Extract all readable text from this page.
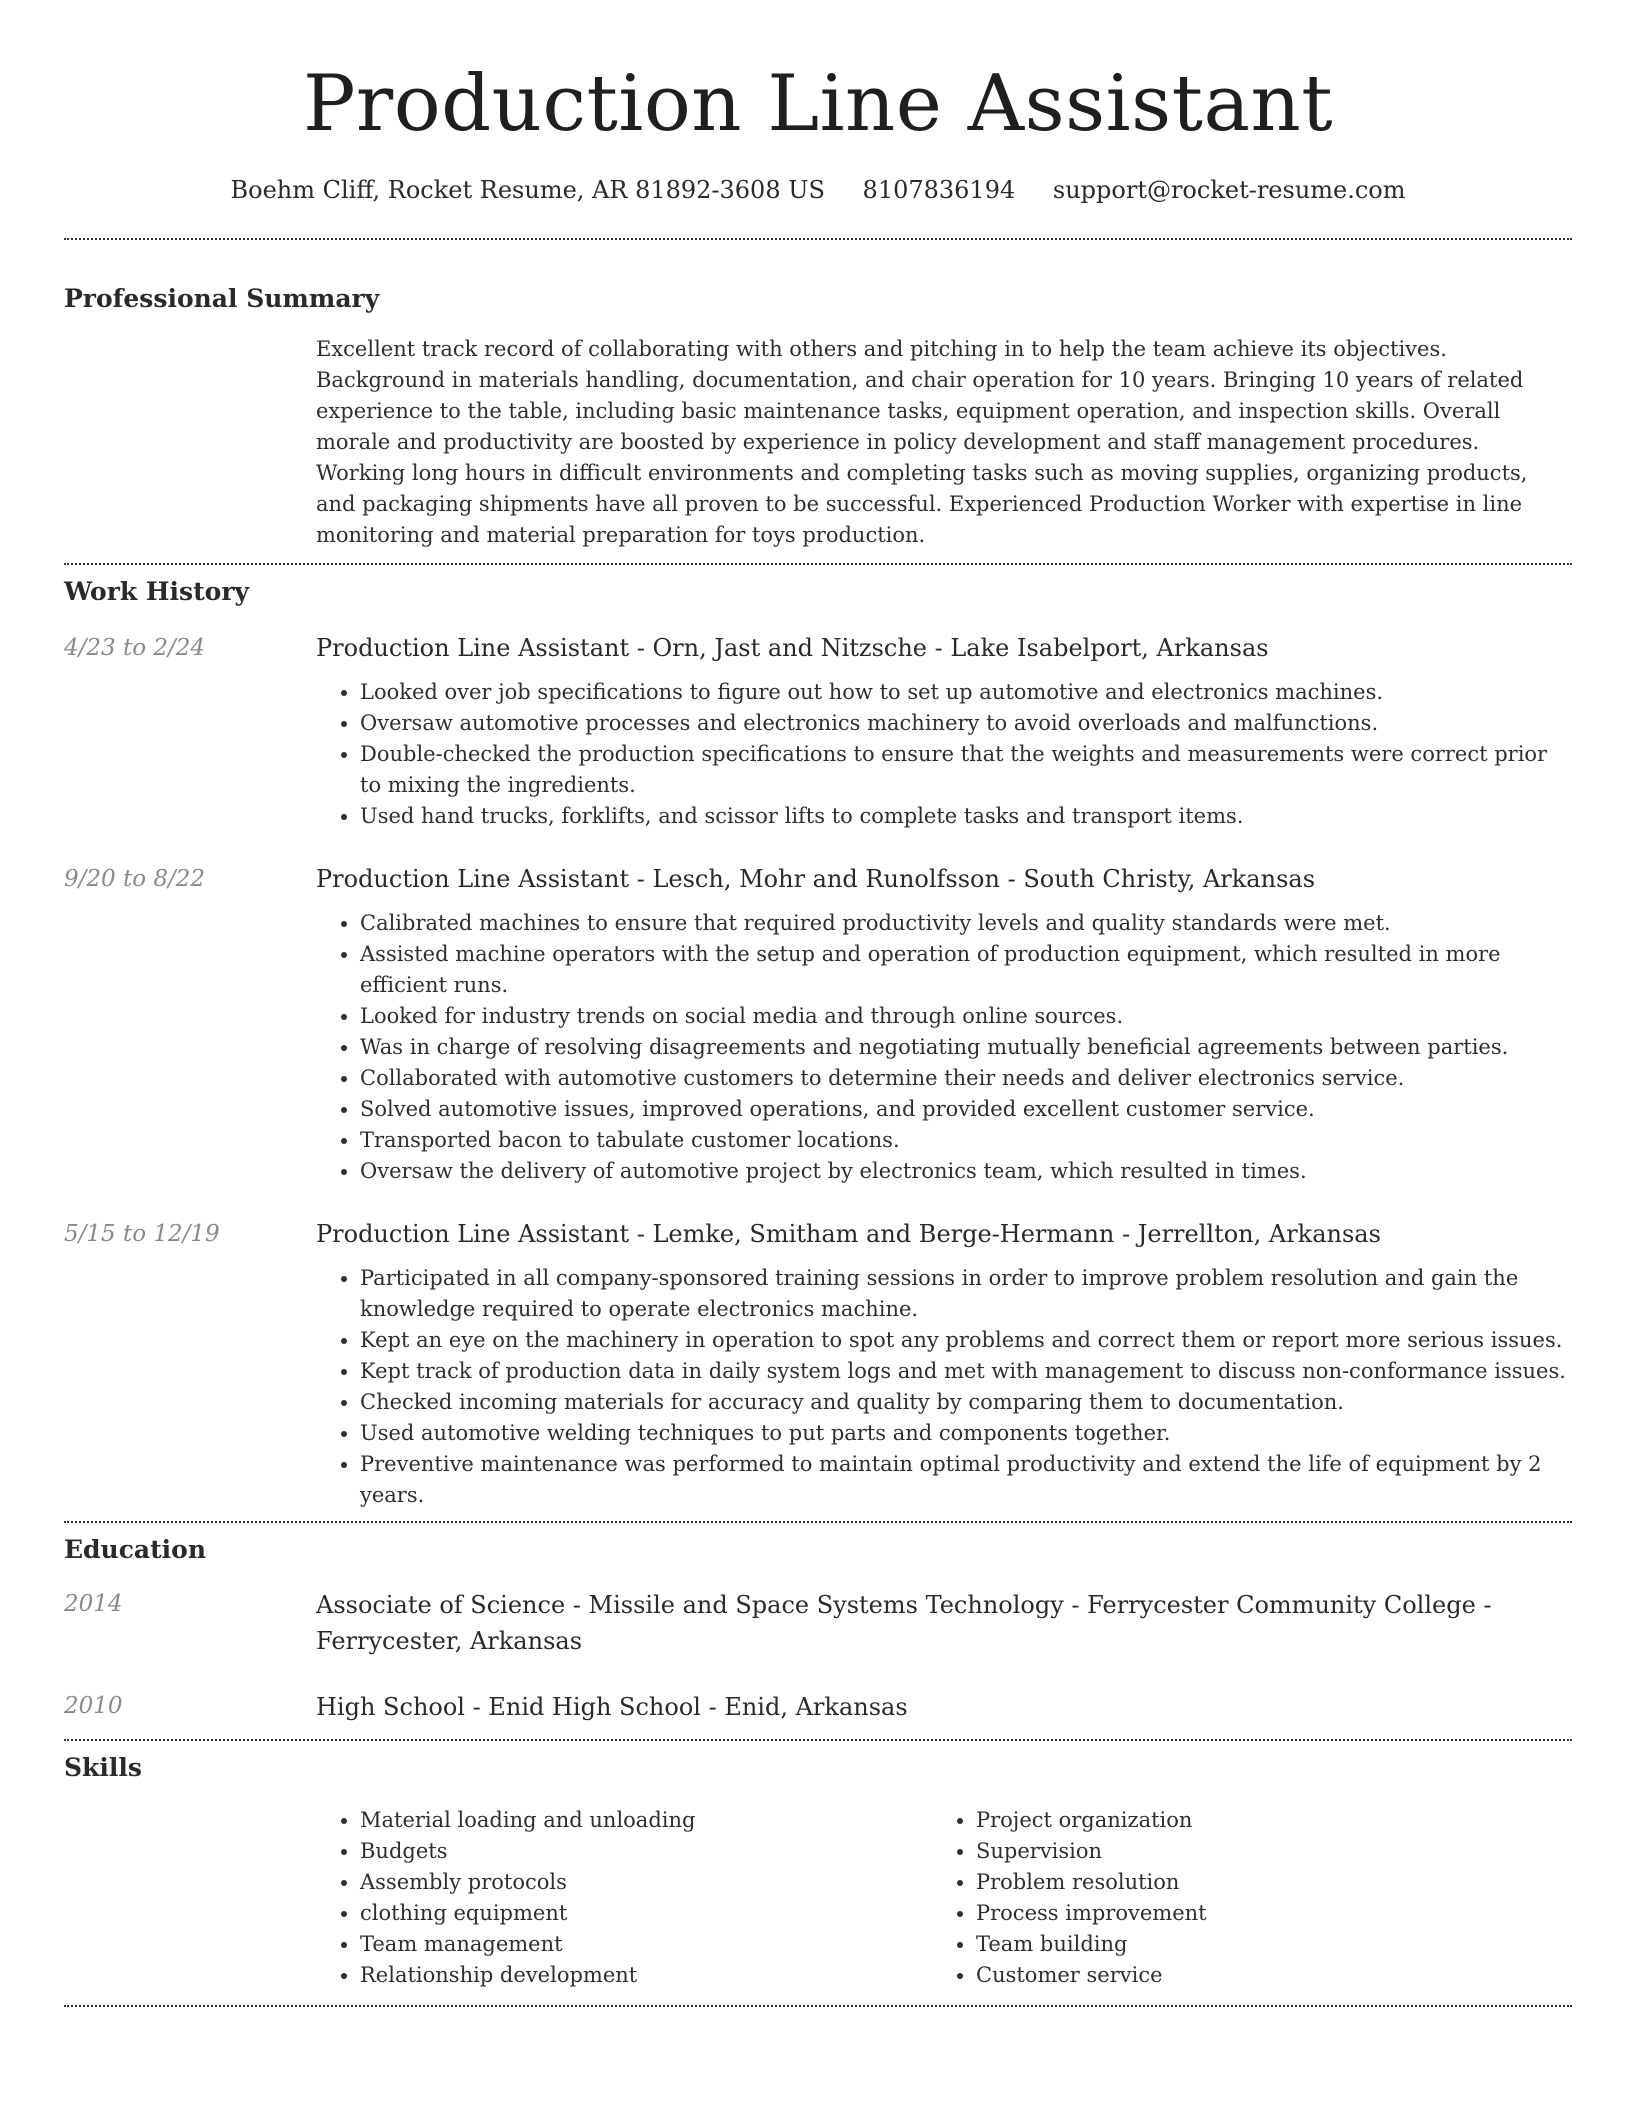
Production Line Assistant
Boehm Cliff, Rocket Resume, AR 81892-3608 US 8107836194 support@rocket-resume.com
Professional Summary

Excellent track record of collaborating with others and pitching in to help the team achieve its objectives. Background in materials handling, documentation, and chair operation for 10 years. Bringing 10 years of related experience to the table, including basic maintenance tasks, equipment operation, and inspection skills. Overall morale and productivity are boosted by experience in policy development and staff management procedures. Working long hours in difficult environments and completing tasks such as moving supplies, organizing products, and packaging shipments have all proven to be successful. Experienced Production Worker with expertise in line monitoring and material preparation for toys production.

Work History
4/23 to 2/24	Production Line Assistant - Orn, Jast and Nitzsche - Lake Isabelport, Arkansas
• Looked over job specifications to figure out how to set up automotive and electronics machines.
• Oversaw automotive processes and electronics machinery to avoid overloads and malfunctions.
• Double-checked the production specifications to ensure that the weights and measurements were correct prior to mixing the ingredients.
• Used hand trucks, forklifts, and scissor lifts to complete tasks and transport items.
9/20 to 8/22	Production Line Assistant - Lesch, Mohr and Runolfsson - South Christy, Arkansas
• Calibrated machines to ensure that required productivity levels and quality standards were met.
• Assisted machine operators with the setup and operation of production equipment, which resulted in more efficient runs.
• Looked for industry trends on social media and through online sources.
• Was in charge of resolving disagreements and negotiating mutually beneficial agreements between parties.
• Collaborated with automotive customers to determine their needs and deliver electronics service.
• Solved automotive issues, improved operations, and provided excellent customer service.
• Transported bacon to tabulate customer locations.
• Oversaw the delivery of automotive project by electronics team, which resulted in times.
5/15 to 12/19	Production Line Assistant - Lemke, Smitham and Berge-Hermann - Jerrellton, Arkansas
• Participated in all company-sponsored training sessions in order to improve problem resolution and gain the knowledge required to operate electronics machine.
• Kept an eye on the machinery in operation to spot any problems and correct them or report more serious issues.
• Kept track of production data in daily system logs and met with management to discuss non-conformance issues.
• Checked incoming materials for accuracy and quality by comparing them to documentation.
• Used automotive welding techniques to put parts and components together.
• Preventive maintenance was performed to maintain optimal productivity and extend the life of equipment by 2 years.
Education
2014	Associate of Science - Missile and Space Systems Technology - Ferrycester Community College - Ferrycester, Arkansas
2010	High School - Enid High School - Enid, Arkansas
Skills
• Material loading and unloading
• Budgets
• Assembly protocols
• clothing equipment
• Team management
• Relationship development
• Project organization
• Supervision
• Problem resolution
• Process improvement
• Team building
• Customer service
